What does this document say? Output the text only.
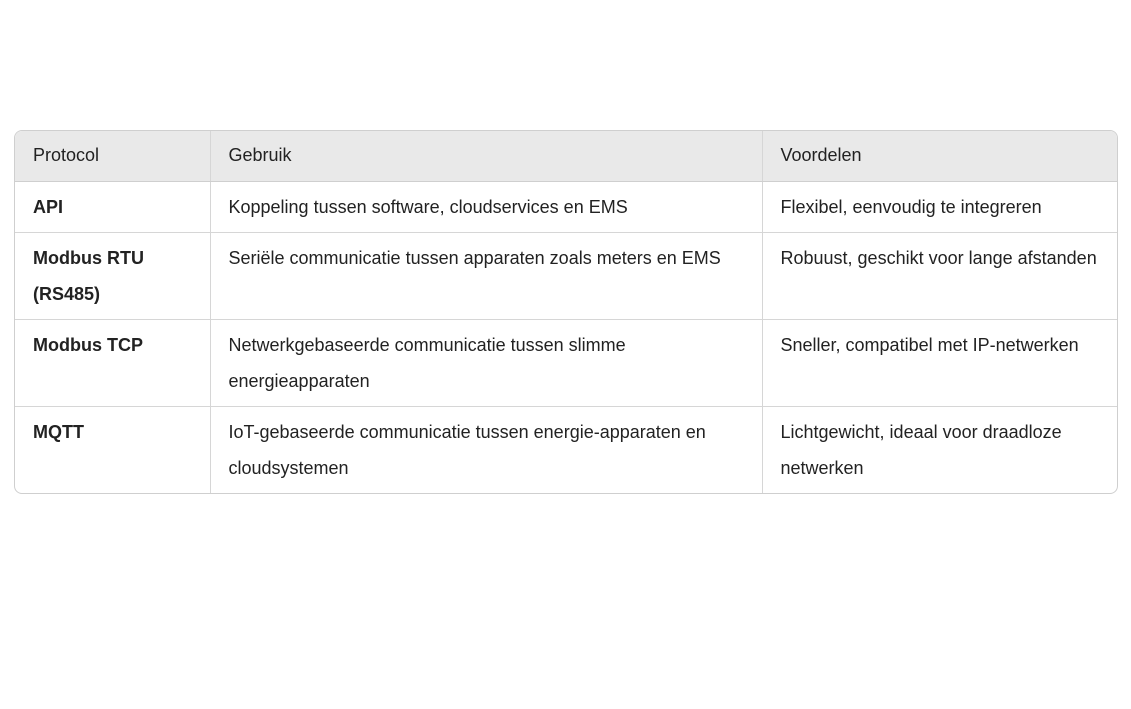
Protocol	Gebruik	Voordelen
API	Koppeling tussen software, cloudservices en EMS	Flexibel, eenvoudig te integreren
Modbus RTU (RS485)	Seriële communicatie tussen apparaten zoals meters en EMS	Robuust, geschikt voor lange afstanden
Modbus TCP	Netwerkgebaseerde communicatie tussen slimme energieapparaten	Sneller, compatibel met IP-netwerken
MQTT	IoT-gebaseerde communicatie tussen energie-apparaten en cloudsystemen	Lichtgewicht, ideaal voor draadloze netwerken
